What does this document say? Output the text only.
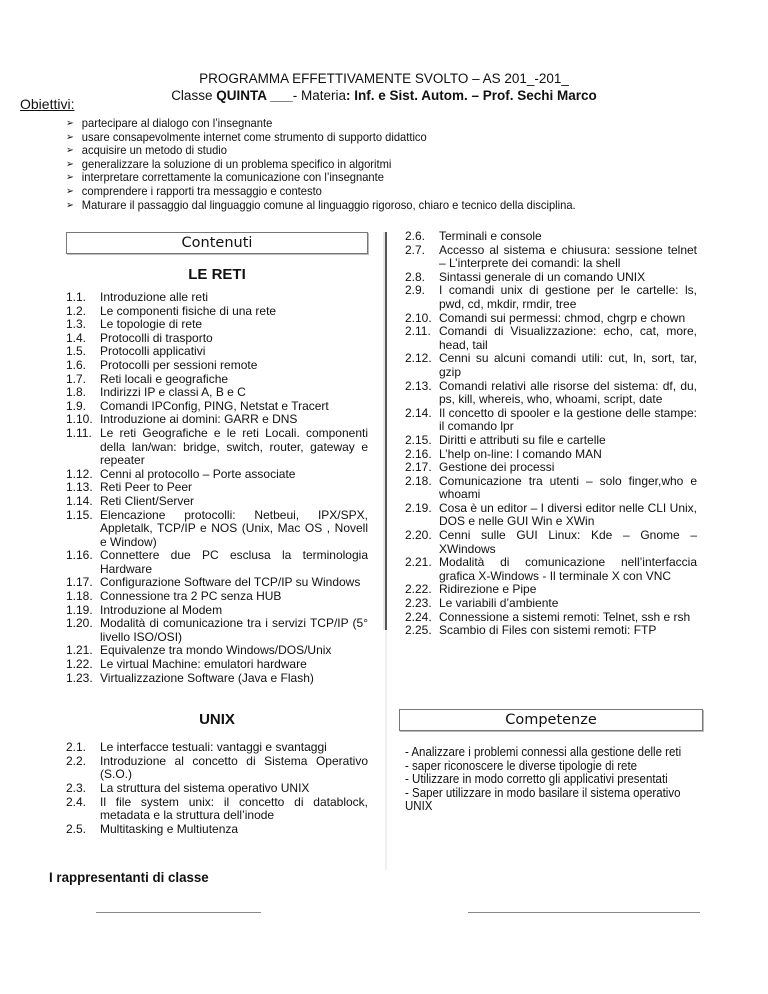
PROGRAMMA EFFETTIVAMENTE SVOLTO – AS 201_-201_
Classe QUINTA ___- Materia: Inf. e Sist. Autom. – Prof. Sechi Marco
Obiettivi:
➢ partecipare al dialogo con l’insegnante
➢ usare consapevolmente internet come strumento di supporto didattico
➢ acquisire un metodo di studio
➢ generalizzare la soluzione di un problema specifico in algoritmi
➢ interpretare correttamente la comunicazione con l’insegnante
➢ comprendere i rapporti tra messaggio e contesto
➢ Maturare il passaggio dal linguaggio comune al linguaggio rigoroso, chiaro e tecnico della disciplina.
Contenuti
LE RETI
1.1.	Introduzione alle reti
1.2.	Le componenti fisiche di una rete
1.3.	Le topologie di rete
1.4.	Protocolli di trasporto
1.5.	Protocolli applicativi
1.6.	Protocolli per sessioni remote
1.7.	Reti locali e geografiche
1.8.	Indirizzi IP e classi A, B e C
1.9.	Comandi IPConfig, PING, Netstat e Tracert
1.10. Introduzione ai domini: GARR e DNS
1.11. Le reti Geografiche e le reti Locali. componenti della lan/wan: bridge, switch, router, gateway e repeater
1.12. Cenni al protocollo – Porte associate
1.13. Reti Peer to Peer
1.14. Reti Client/Server
1.15. Elencazione protocolli: Netbeui, IPX/SPX, Appletalk, TCP/IP e NOS (Unix, Mac OS , Novell e Window)
1.16. Connettere due PC esclusa la terminologia Hardware
1.17. Configurazione Software del TCP/IP su Windows
1.18. Connessione tra 2 PC senza HUB
1.19. Introduzione al Modem
1.20. Modalità di comunicazione tra i servizi TCP/IP (5° livello ISO/OSI)
1.21. Equivalenze tra mondo Windows/DOS/Unix
1.22. Le virtual Machine: emulatori hardware
1.23. Virtualizzazione Software (Java e Flash)
UNIX
2.1.	Le interfacce testuali: vantaggi e svantaggi
2.2.	Introduzione al concetto di Sistema Operativo (S.O.)
2.3.	La struttura del sistema operativo UNIX
2.4.	Il file system unix: il concetto di datablock, metadata e la struttura dell’inode
2.5.	Multitasking e Multiutenza
2.6.	Terminali e console
2.7.	Accesso al sistema e chiusura: sessione telnet – L’interprete dei comandi: la shell
2.8.	Sintassi generale di un comando UNIX
2.9.	I comandi unix di gestione per le cartelle: ls, pwd, cd, mkdir, rmdir, tree
2.10. Comandi sui permessi: chmod, chgrp e chown
2.11. Comandi di Visualizzazione: echo, cat, more, head, tail
2.12. Cenni su alcuni comandi utili: cut, ln, sort, tar, gzip
2.13. Comandi relativi alle risorse del sistema: df, du, ps, kill, whereis, who, whoami, script, date
2.14. Il concetto di spooler e la gestione delle stampe: il comando lpr
2.15. Diritti e attributi su file e cartelle
2.16. L’help on-line: l comando MAN
2.17. Gestione dei processi
2.18. Comunicazione tra utenti – solo finger,who e whoami
2.19. Cosa è un editor – I diversi editor nelle CLI Unix, DOS e nelle GUI Win e XWin
2.20. Cenni sulle GUI Linux: Kde – Gnome – XWindows
2.21. Modalità di comunicazione nell’interfaccia grafica X-Windows - Il terminale X con VNC
2.22. Ridirezione e Pipe
2.23. Le variabili d’ambiente
2.24. Connessione a sistemi remoti: Telnet, ssh e rsh
2.25. Scambio di Files con sistemi remoti: FTP
Competenze
- Analizzare i problemi connessi alla gestione delle reti
- saper riconoscere le diverse tipologie di rete
- Utilizzare in modo corretto gli applicativi presentati
- Saper utilizzare in modo basilare il sistema operativo
UNIX
I rappresentanti di classe
